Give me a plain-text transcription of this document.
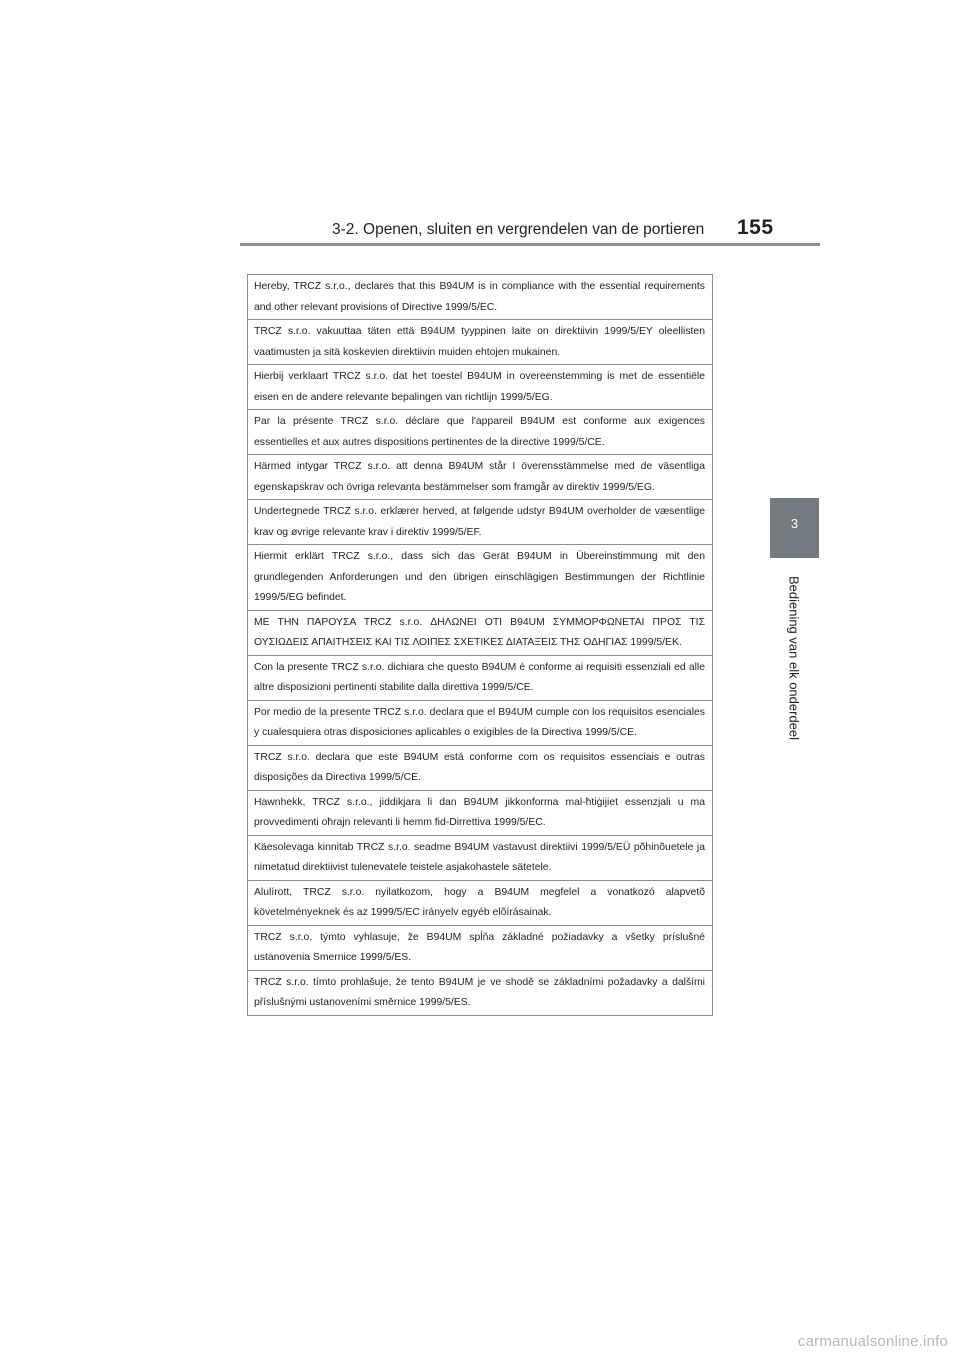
3-2. Openen, sluiten en vergrendelen van de portieren 155
3
Bediening van elk onderdeel
Hereby, TRCZ s.r.o., declares that this B94UM is in compliance with the essential requirements and other relevant provisions of Directive 1999/5/EC.
TRCZ s.r.o. vakuuttaa täten että B94UM tyyppinen laite on direktiivin 1999/5/EY oleellisten vaatimusten ja sitä koskevien direktiivin muiden ehtojen mukainen.
Hierbij verklaart TRCZ s.r.o. dat het toestel B94UM in overeenstemming is met de essentiële eisen en de andere relevante bepalingen van richtlijn 1999/5/EG.
Par la présente TRCZ s.r.o. déclare que l'appareil B94UM est conforme aux exigences essentielles et aux autres dispositions pertinentes de la directive 1999/5/CE.
Härmed intygar TRCZ s.r.o. att denna B94UM står I överensstämmelse med de väsentliga egenskapskrav och övriga relevanta bestämmelser som framgår av direktiv 1999/5/EG.
Undertegnede TRCZ s.r.o. erklærer herved, at følgende udstyr B94UM overholder de væsentlige krav og øvrige relevante krav i direktiv 1999/5/EF.
Hiermit erklärt TRCZ s.r.o., dass sich das Gerät B94UM in Übereinstimmung mit den grundlegenden Anforderungen und den übrigen einschlägigen Bestimmungen der Richtlinie 1999/5/EG befindet.
ΜΕ ΤΗΝ ΠΑΡΟΥΣΑ TRCZ s.r.o. ΔΗΛΩΝΕΙ ΟΤΙ B94UM ΣΥΜΜΟΡΦΩΝΕΤΑΙ ΠΡΟΣ ΤΙΣ ΟΥΣΙΩΔΕΙΣ ΑΠΑΙΤΗΣΕΙΣ ΚΑΙ ΤΙΣ ΛΟΙΠΕΣ ΣΧΕΤΙΚΕΣ ΔΙΑΤΑΞΕΙΣ ΤΗΣ ΟΔΗΓΙΑΣ 1999/5/ΕΚ.
Con la presente TRCZ s.r.o. dichiara che questo B94UM è conforme ai requisiti essenziali ed alle altre disposizioni pertinenti stabilite dalla direttiva 1999/5/CE.
Por medio de la presente TRCZ s.r.o. declara que el B94UM cumple con los requisitos esenciales y cualesquiera otras disposiciones aplicables o exigibles de la Directiva 1999/5/CE.
TRCZ s.r.o. declara que este B94UM está conforme com os requisitos essenciais e outras disposições da Directiva 1999/5/CE.
Hawnhekk, TRCZ s.r.o., jiddikjara li dan B94UM jikkonforma mal-ħtiġijiet essenzjali u ma provvedimenti oħrajn relevanti li hemm fid-Dirrettiva 1999/5/EC.
Käesolevaga kinnitab TRCZ s.r.o. seadme B94UM vastavust direktiivi 1999/5/EÜ põhinõuetele ja nimetatud direktiivist tulenevatele teistele asjakohastele sätetele.
Alulírott, TRCZ s.r.o. nyilatkozom, hogy a B94UM megfelel a vonatkozó alapvetõ követelményeknek és az 1999/5/EC irányelv egyéb elõírásainak.
TRCZ s.r.o. týmto vyhlasuje, že B94UM spĺňa základné požiadavky a všetky príslušné ustanovenia Smernice 1999/5/ES.
TRCZ s.r.o. tímto prohlašuje, že tento B94UM je ve shodě se základními požadavky a dalšími příslušnými ustanoveními směrnice 1999/5/ES.
carmanualsonline.info
